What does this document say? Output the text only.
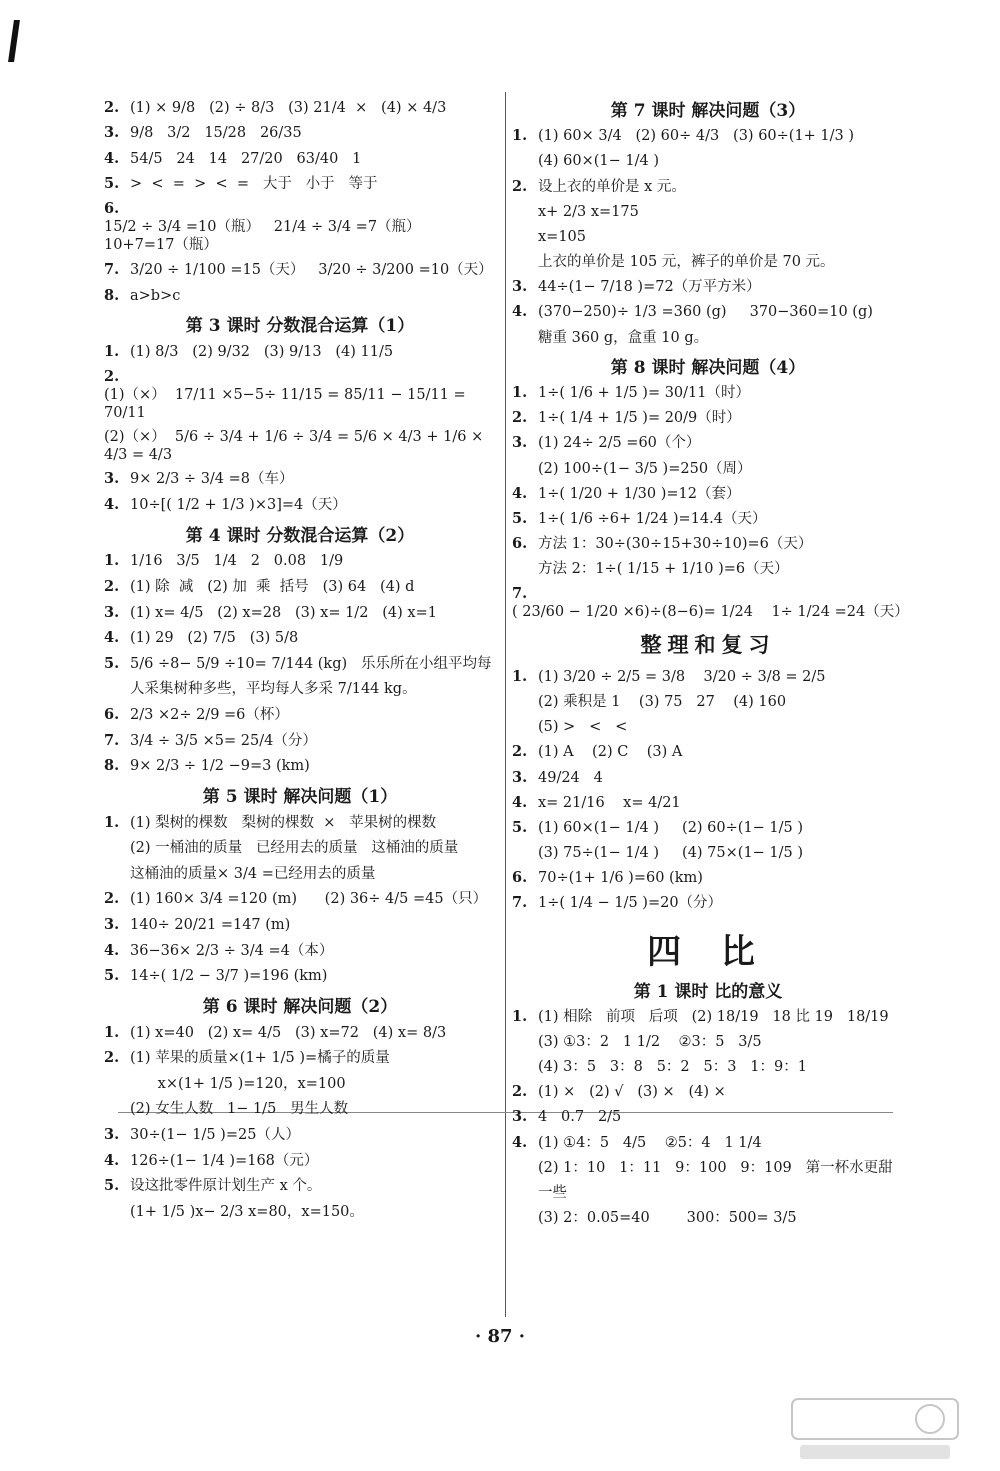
2. (1) × 9/8   (2) ÷ 8/3   (3) 21/4  ×   (4) × 4/3
3. 9/8   3/2   15/28   26/35
4. 54/5   24   14   27/20   63/40   1
5. >  <  =  >  <  =   大于   小于   等于
6.
15/2 ÷ 3/4 =10（瓶）   21/4 ÷ 3/4 =7（瓶）   10+7=17（瓶）
7. 3/20 ÷ 1/100 =15（天）   3/20 ÷ 3/200 =10（天）
8. a>b>c
第 3 课时 分数混合运算（1）
1. (1) 8/3   (2) 9/32   (3) 9/13   (4) 11/5
2.
(1)（×）  17/11 ×5−5÷ 11/15 = 85/11 − 15/11 = 70/11
(2)（×）  5/6 ÷ 3/4 + 1/6 ÷ 3/4 = 5/6 × 4/3 + 1/6 × 4/3 = 4/3
3. 9× 2/3 ÷ 3/4 =8（车）
4. 10÷[( 1/2 + 1/3 )×3]=4（天）
第 4 课时 分数混合运算（2）
1. 1/16   3/5   1/4   2   0.08   1/9
2. (1) 除  减   (2) 加  乘  括号   (3) 64   (4) d
3. (1) x= 4/5   (2) x=28   (3) x= 1/2   (4) x=1
4. (1) 29   (2) 7/5   (3) 5/8
5. 5/6 ÷8− 5/9 ÷10= 7/144 (kg)   乐乐所在小组平均每
人采集树种多些，平均每人多采 7/144 kg。
6. 2/3 ×2÷ 2/9 =6（杯）
7. 3/4 ÷ 3/5 ×5= 25/4（分）
8. 9× 2/3 ÷ 1/2 −9=3 (km)
第 5 课时 解决问题（1）
1. (1) 梨树的棵数   梨树的棵数  ×   苹果树的棵数
(2) 一桶油的质量   已经用去的质量   这桶油的质量
这桶油的质量× 3/4 =已经用去的质量
2. (1) 160× 3/4 =120 (m)      (2) 36÷ 4/5 =45（只）
3. 140÷ 20/21 =147 (m)
4. 36−36× 2/3 ÷ 3/4 =4（本）
5. 14÷( 1/2 − 3/7 )=196 (km)
第 6 课时 解决问题（2）
1. (1) x=40   (2) x= 4/5   (3) x=72   (4) x= 8/3
2. (1) 苹果的质量×(1+ 1/5 )=橘子的质量
x×(1+ 1/5 )=120，x=100
(2) 女生人数   1− 1/5   男生人数
3. 30÷(1− 1/5 )=25（人）
4. 126÷(1− 1/4 )=168（元）
5. 设这批零件原计划生产 x 个。
(1+ 1/5 )x− 2/3 x=80，x=150。
第 7 课时 解决问题（3）
1. (1) 60× 3/4   (2) 60÷ 4/3   (3) 60÷(1+ 1/3 )
(4) 60×(1− 1/4 )
2. 设上衣的单价是 x 元。
x+ 2/3 x=175
x=105
上衣的单价是 105 元，裤子的单价是 70 元。
3. 44÷(1− 7/18 )=72（万平方米）
4. (370−250)÷ 1/3 =360 (g)     370−360=10 (g)
糖重 360 g，盒重 10 g。
第 8 课时 解决问题（4）
1. 1÷( 1/6 + 1/5 )= 30/11（时）
2. 1÷( 1/4 + 1/5 )= 20/9（时）
3. (1) 24÷ 2/5 =60（个）
(2) 100÷(1− 3/5 )=250（周）
4. 1÷( 1/20 + 1/30 )=12（套）
5. 1÷( 1/6 ÷6+ 1/24 )=14.4（天）
6. 方法 1：30÷(30÷15+30÷10)=6（天）
方法 2：1÷( 1/15 + 1/10 )=6（天）
7.
( 23/60 − 1/20 ×6)÷(8−6)= 1/24    1÷ 1/24 =24（天）
整理和复习
1. (1) 3/20 ÷ 2/5 = 3/8    3/20 ÷ 3/8 = 2/5
(2) 乘积是 1    (3) 75   27    (4) 160
(5) >   <   <
2. (1) A    (2) C    (3) A
3. 49/24   4
4. x= 21/16    x= 4/21
5. (1) 60×(1− 1/4 )     (2) 60÷(1− 1/5 )
(3) 75÷(1− 1/4 )     (4) 75×(1− 1/5 )
6. 70÷(1+ 1/6 )=60 (km)
7. 1÷( 1/4 − 1/5 )=20（分）
四 比
第 1 课时 比的意义
1. (1) 相除   前项   后项   (2) 18/19   18 比 19   18/19
(3) ①3：2   1 1/2    ②3：5   3/5
(4) 3：5   3：8   5：2   5：3   1：9：1
2. (1) ×   (2) √   (3) ×   (4) ×
3. 4   0.7   2/5
4. (1) ①4：5   4/5    ②5：4   1 1/4
(2) 1：10   1：11   9：100   9：109   第一杯水更甜
一些
(3) 2：0.05=40        300：500= 3/5
· 87 ·
